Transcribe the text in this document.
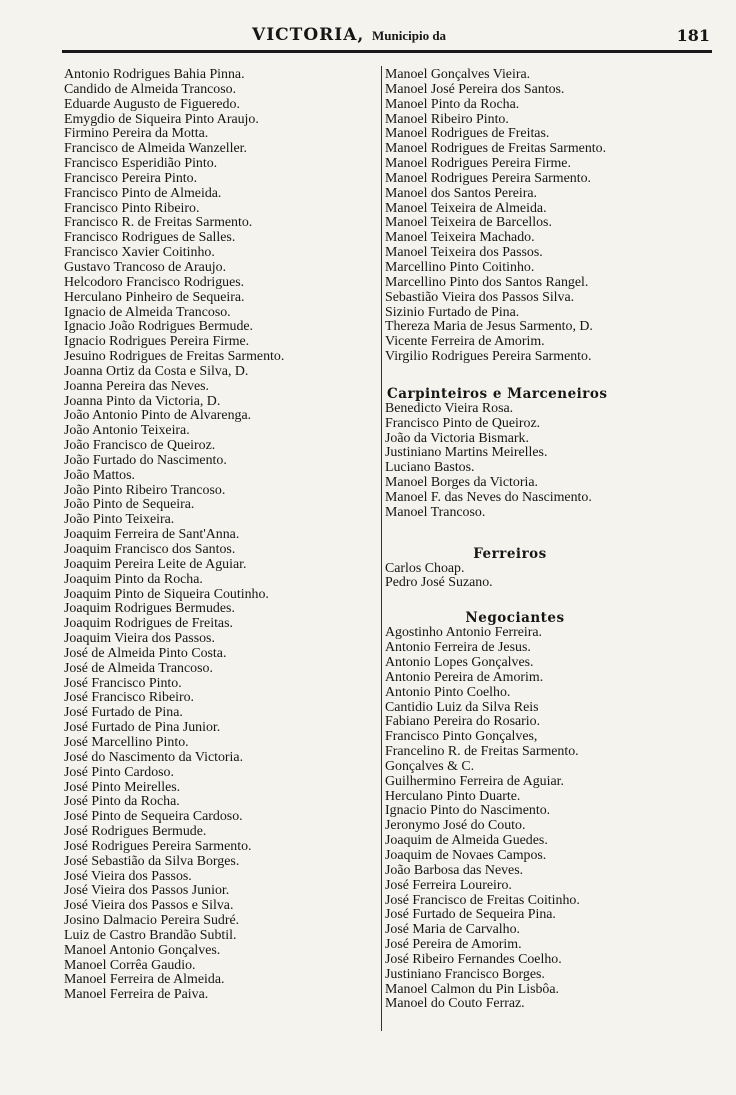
VICTORIA, Municipio da	181
Antonio Rodrigues Bahia Pinna.
Candido de Almeida Trancoso.
Eduarde Augusto de Figueredo.
Emygdio de Siqueira Pinto Araujo.
Firmino Pereira da Motta.
Francisco de Almeida Wanzeller.
Francisco Esperidião Pinto.
Francisco Pereira Pinto.
Francisco Pinto de Almeida.
Francisco Pinto Ribeiro.
Francisco R. de Freitas Sarmento.
Francisco Rodrigues de Salles.
Francisco Xavier Coitinho.
Gustavo Trancoso de Araujo.
Helcodoro Francisco Rodrigues.
Herculano Pinheiro de Sequeira.
Ignacio de Almeida Trancoso.
Ignacio João Rodrigues Bermude.
Ignacio Rodrigues Pereira Firme.
Jesuino Rodrigues de Freitas Sarmento.
Joanna Ortiz da Costa e Silva, D.
Joanna Pereira das Neves.
Joanna Pinto da Victoria, D.
João Antonio Pinto de Alvarenga.
João Antonio Teixeira.
João Francisco de Queiroz.
João Furtado do Nascimento.
João Mattos.
João Pinto Ribeiro Trancoso.
João Pinto de Sequeira.
João Pinto Teixeira.
Joaquim Ferreira de Sant'Anna.
Joaquim Francisco dos Santos.
Joaquim Pereira Leite de Aguiar.
Joaquim Pinto da Rocha.
Joaquim Pinto de Siqueira Coutinho.
Joaquim Rodrigues Bermudes.
Joaquim Rodrigues de Freitas.
Joaquim Vieira dos Passos.
José de Almeida Pinto Costa.
José de Almeida Trancoso.
José Francisco Pinto.
José Francisco Ribeiro.
José Furtado de Pina.
José Furtado de Pina Junior.
José Marcellino Pinto.
José do Nascimento da Victoria.
José Pinto Cardoso.
José Pinto Meirelles.
José Pinto da Rocha.
José Pinto de Sequeira Cardoso.
José Rodrigues Bermude.
José Rodrigues Pereira Sarmento.
José Sebastião da Silva Borges.
José Vieira dos Passos.
José Vieira dos Passos Junior.
José Vieira dos Passos e Silva.
Josino Dalmacio Pereira Sudré.
Luiz de Castro Brandão Subtil.
Manoel Antonio Gonçalves.
Manoel Corrêa Gaudio.
Manoel Ferreira de Almeida.
Manoel Ferreira de Paiva.
Manoel Gonçalves Vieira.
Manoel José Pereira dos Santos.
Manoel Pinto da Rocha.
Manoel Ribeiro Pinto.
Manoel Rodrigues de Freitas.
Manoel Rodrigues de Freitas Sarmento.
Manoel Rodrigues Pereira Firme.
Manoel Rodrigues Pereira Sarmento.
Manoel dos Santos Pereira.
Manoel Teixeira de Almeida.
Manoel Teixeira de Barcellos.
Manoel Teixeira Machado.
Manoel Teixeira dos Passos.
Marcellino Pinto Coitinho.
Marcellino Pinto dos Santos Rangel.
Sebastião Vieira dos Passos Silva.
Sizinio Furtado de Pina.
Thereza Maria de Jesus Sarmento, D.
Vicente Ferreira de Amorim.
Virgilio Rodrigues Pereira Sarmento.
Carpinteiros e Marceneiros
Benedicto Vieira Rosa.
Francisco Pinto de Queiroz.
João da Victoria Bismark.
Justiniano Martins Meirelles.
Luciano Bastos.
Manoel Borges da Victoria.
Manoel F. das Neves do Nascimento.
Manoel Trancoso.
Ferreiros
Carlos Choap.
Pedro José Suzano.
Negociantes
Agostinho Antonio Ferreira.
Antonio Ferreira de Jesus.
Antonio Lopes Gonçalves.
Antonio Pereira de Amorim.
Antonio Pinto Coelho.
Cantidio Luiz da Silva Reis
Fabiano Pereira do Rosario.
Francisco Pinto Gonçalves,
Francelino R. de Freitas Sarmento.
Gonçalves & C.
Guilhermino Ferreira de Aguiar.
Herculano Pinto Duarte.
Ignacio Pinto do Nascimento.
Jeronymo José do Couto.
Joaquim de Almeida Guedes.
Joaquim de Novaes Campos.
João Barbosa das Neves.
José Ferreira Loureiro.
José Francisco de Freitas Coitinho.
José Furtado de Sequeira Pina.
José Maria de Carvalho.
José Pereira de Amorim.
José Ribeiro Fernandes Coelho.
Justiniano Francisco Borges.
Manoel Calmon du Pin Lisbôa.
Manoel do Couto Ferraz.
